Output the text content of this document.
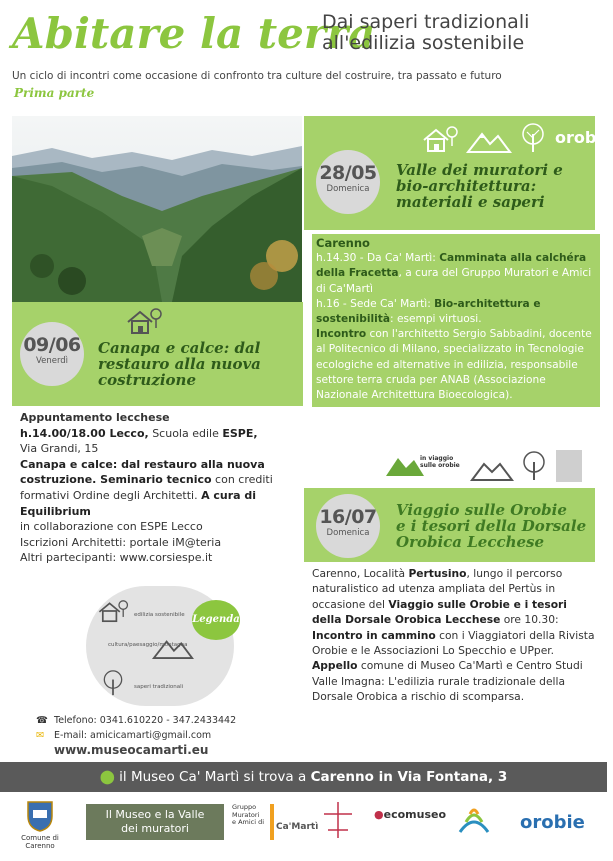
Abitare la terra
Dai saperi tradizionali
all'edilizia sostenibile
Un ciclo di incontri come occasione di confronto tra culture del costruire, tra passato e futuro
Prima parte
28/05
Domenica
orobie
Valle dei muratori e
bio-architettura:
materiali e saperi
Carenno
h.14.30 - Da Ca' Martì: Camminata alla calchéra della Fracetta, a cura del Gruppo Muratori e Amici di Ca'Martì
h.16 - Sede Ca' Martì: Bio-architettura e sostenibilità: esempi virtuosi.
Incontro con l'architetto Sergio Sabbadini, docente al Politecnico di Milano, specializzato in Tecnologie ecologiche ed alternative in edilizia, responsabile settore terra cruda per ANAB (Associazione Nazionale Architettura Bioecologica).
09/06
Venerdì
Canapa e calce: dal
restauro alla nuova
costruzione
Appuntamento lecchese
h.14.00/18.00 Lecco, Scuola edile ESPE,
Via Grandi, 15
Canapa e calce: dal restauro alla nuova costruzione. Seminario tecnico con crediti formativi Ordine degli Architetti. A cura di Equilibrium
in collaborazione con ESPE Lecco
Iscrizioni Architetti: portale iM@teria
Altri partecipanti: www.corsiespe.it
in viaggio
sulle orobie
16/07
Domenica
Viaggio sulle Orobie
e i tesori della Dorsale
Orobica Lecchese
Carenno, Località Pertusino, lungo il percorso naturalistico ad utenza ampliata del Pertùs in occasione del Viaggio sulle Orobie e i tesori della Dorsale Orobica Lecchese ore 10.30: Incontro in cammino con i Viaggiatori della Rivista Orobie e le Associazioni Lo Specchio e UPper.
Appello comune di Museo Ca'Martì e Centro Studi Valle Imagna: L'edilizia rurale tradizionale della Dorsale Orobica a rischio di scomparsa.
Legenda
edilizia sostenibile
cultura/paesaggio/montagna
saperi tradizionali
☎ Telefono: 0341.610220 - 347.2433442
✉ E-mail: amicicamarti@gmail.com
www.museocamarti.eu
⬤ il Museo Ca' Martì si trova a Carenno in Via Fontana, 3
Comune di Carenno
Il Museo e la Valle
dei muratori
Gruppo
Muratori
e Amici di	Ca'Martì
●ecomuseo	orobie
